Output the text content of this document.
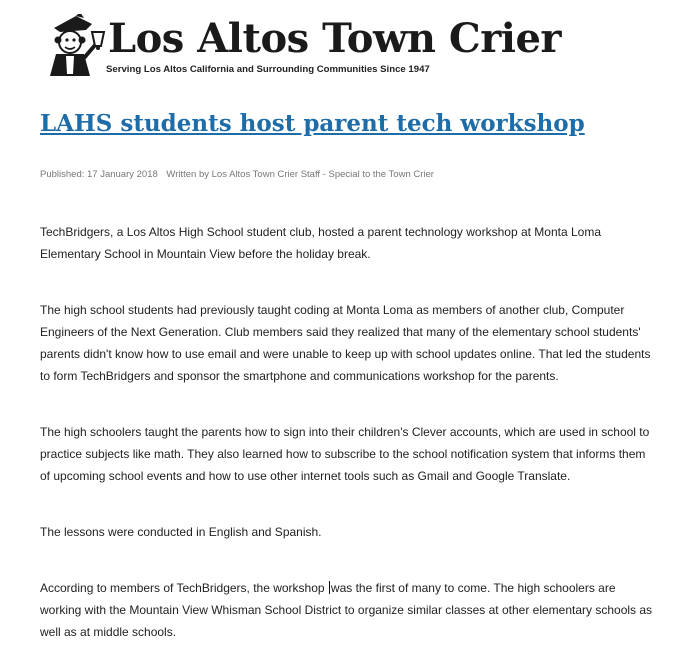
Los Altos Town Crier
Serving Los Altos California and Surrounding Communities Since 1947
LAHS students host parent tech workshop
Published: 17 January 2018 Written by Los Altos Town Crier Staff - Special to the Town Crier

TechBridgers, a Los Altos High School student club, hosted a parent technology workshop at Monta Loma Elementary School in Mountain View before the holiday break.

The high school students had previously taught coding at Monta Loma as members of another club, Computer Engineers of the Next Generation. Club members said they realized that many of the elementary school students' parents didn't know how to use email and were unable to keep up with school updates online. That led the students to form TechBridgers and sponsor the smartphone and communications workshop for the parents.

The high schoolers taught the parents how to sign into their children's Clever accounts, which are used in school to practice subjects like math. They also learned how to subscribe to the school notification system that informs them of upcoming school events and how to use other internet tools such as Gmail and Google Translate.

The lessons were conducted in English and Spanish.

According to members of TechBridgers, the workshop was the first of many to come. The high schoolers are working with the Mountain View Whisman School District to organize similar classes at other elementary schools as well as at middle schools.
